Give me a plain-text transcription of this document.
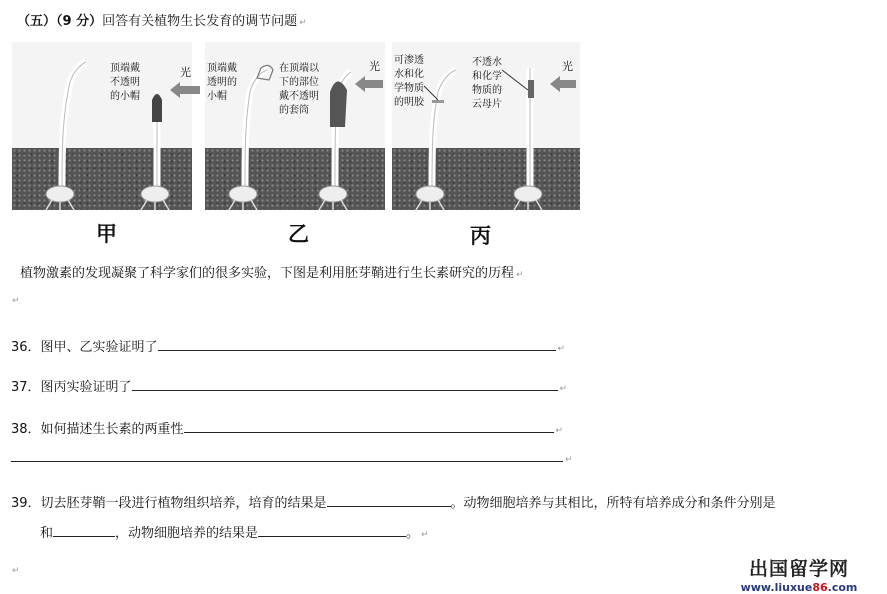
（五）（9 分）回答有关植物生长发育的调节问题 ↵
顶端戴
不透明
的小帽
光
甲
顶端戴
透明的
小帽
在顶端以
下的部位
戴不透明
的套筒
光
乙
可渗透
水和化
学物质
的明胶
不透水
和化学
物质的
云母片
光
丙
植物激素的发现凝聚了科学家们的很多实验，下图是利用胚芽鞘进行生长素研究的历程 ↵
↵
36．图甲、乙实验证明了	↵
37．图丙实验证明了	↵
38．如何描述生长素的两重性	↵
↵
39．切去胚芽鞘一段进行植物组织培养，培育的结果是	。动物细胞培养与其相比，所特有培养成分和条件分别是
和	，动物细胞培养的结果是	。 ↵
↵	出国留学网
www.liuxue86.com
